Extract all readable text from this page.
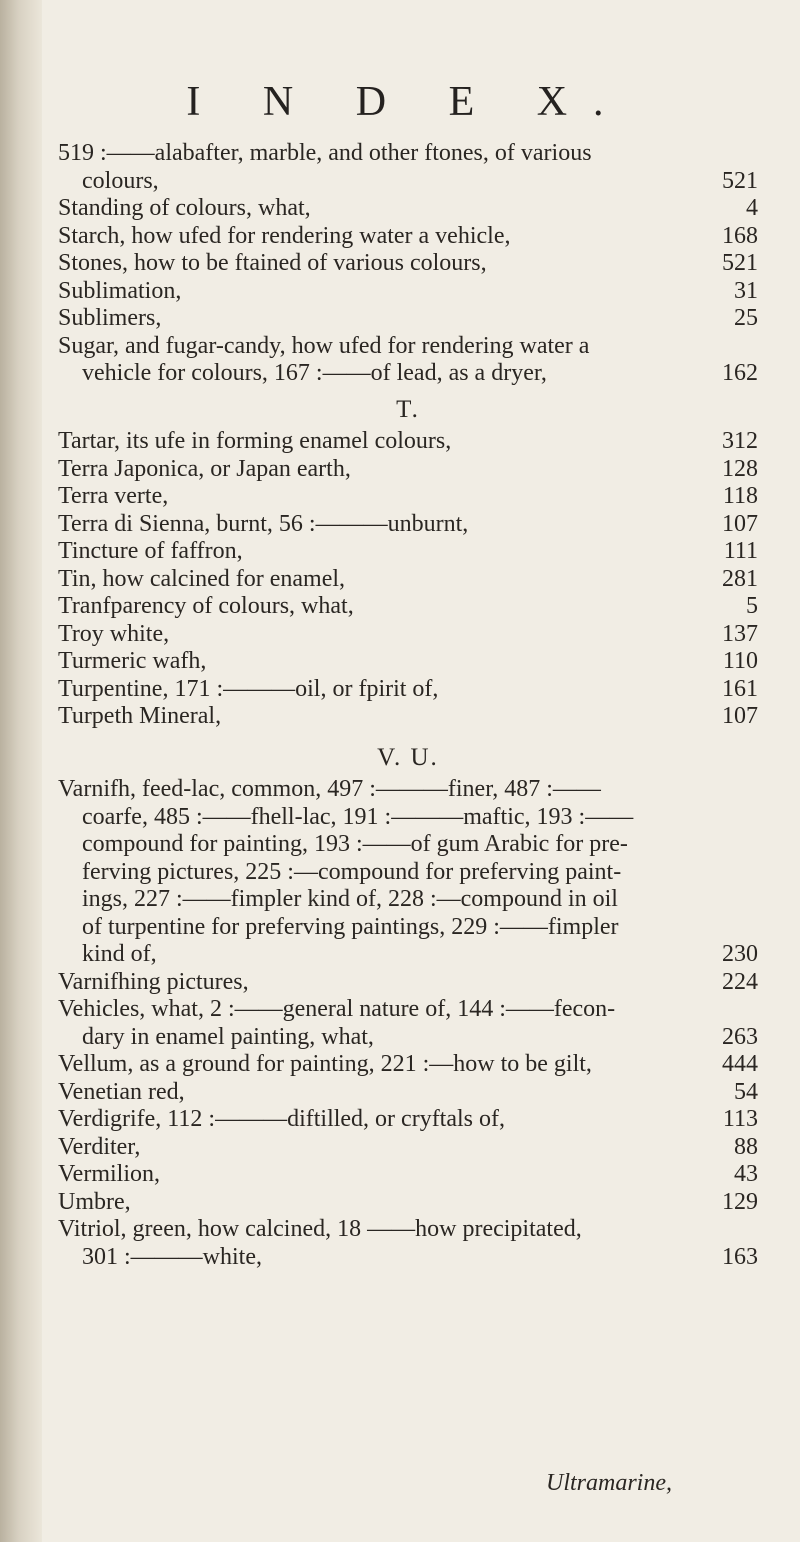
I N D E X.
519 :——alabafter, marble, and other ftones, of various
colours,	521
Standing of colours, what,	4
Starch, how ufed for rendering water a vehicle,	168
Stones, how to be ftained of various colours,	521
Sublimation,	31
Sublimers,	25
Sugar, and fugar-candy, how ufed for rendering water a
vehicle for colours, 167 :——of lead, as a dryer,	162
T.
Tartar, its ufe in forming enamel colours,	312
Terra Japonica, or Japan earth,	128
Terra verte,	118
Terra di Sienna, burnt, 56 :———unburnt,	107
Tincture of faffron,	111
Tin, how calcined for enamel,	281
Tranfparency of colours, what,	5
Troy white,	137
Turmeric wafh,	110
Turpentine, 171 :———oil, or fpirit of,	161
Turpeth Mineral,	107
V. U.
Varnifh, feed-lac, common, 497 :———finer, 487 :——
coarfe, 485 :——fhell-lac, 191 :———maftic, 193 :——
compound for painting, 193 :——of gum Arabic for pre-
ferving pictures, 225 :—compound for preferving paint-
ings, 227 :——fimpler kind of, 228 :—compound in oil
of turpentine for preferving paintings, 229 :——fimpler
kind of,	230
Varnifhing pictures,	224
Vehicles, what, 2 :——general nature of, 144 :——fecon-
dary in enamel painting, what,	263
Vellum, as a ground for painting, 221 :—how to be gilt,	444
Venetian red,	54
Verdigrife, 112 :———diftilled, or cryftals of,	113
Verditer,	88
Vermilion,	43
Umbre,	129
Vitriol, green, how calcined, 18 ——how precipitated,
301 :———white,	163
Ultramarine,
